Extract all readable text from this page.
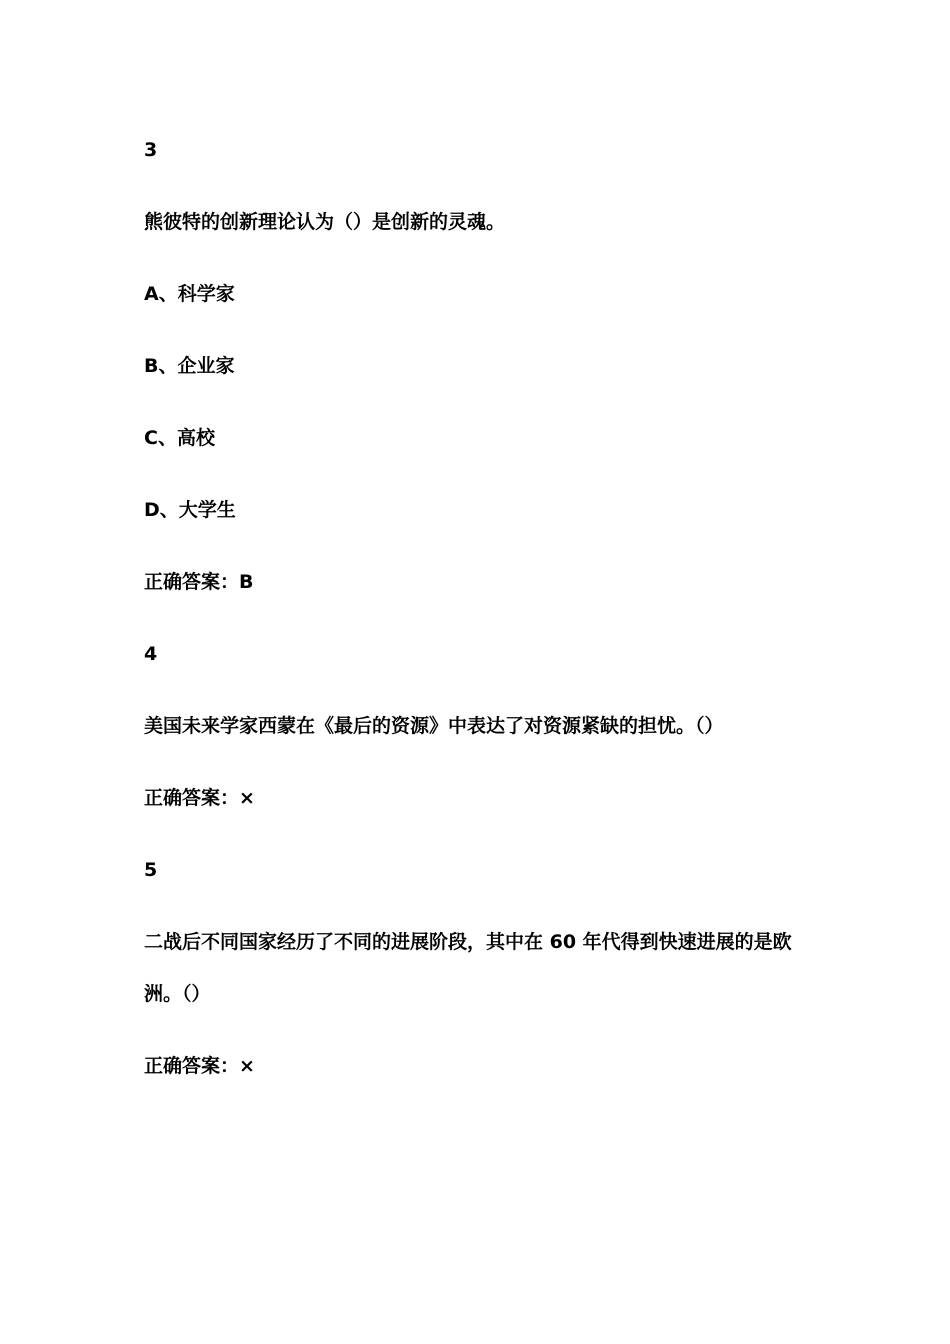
3
熊彼特的创新理论认为（）是创新的灵魂。
A、科学家
B、企业家
C、高校
D、大学生
正确答案：B
4
美国未来学家西蒙在《最后的资源》中表达了对资源紧缺的担忧。（）
正确答案：×
5
二战后不同国家经历了不同的进展阶段，其中在 60 年代得到快速进展的是欧
洲。（）
正确答案：×
